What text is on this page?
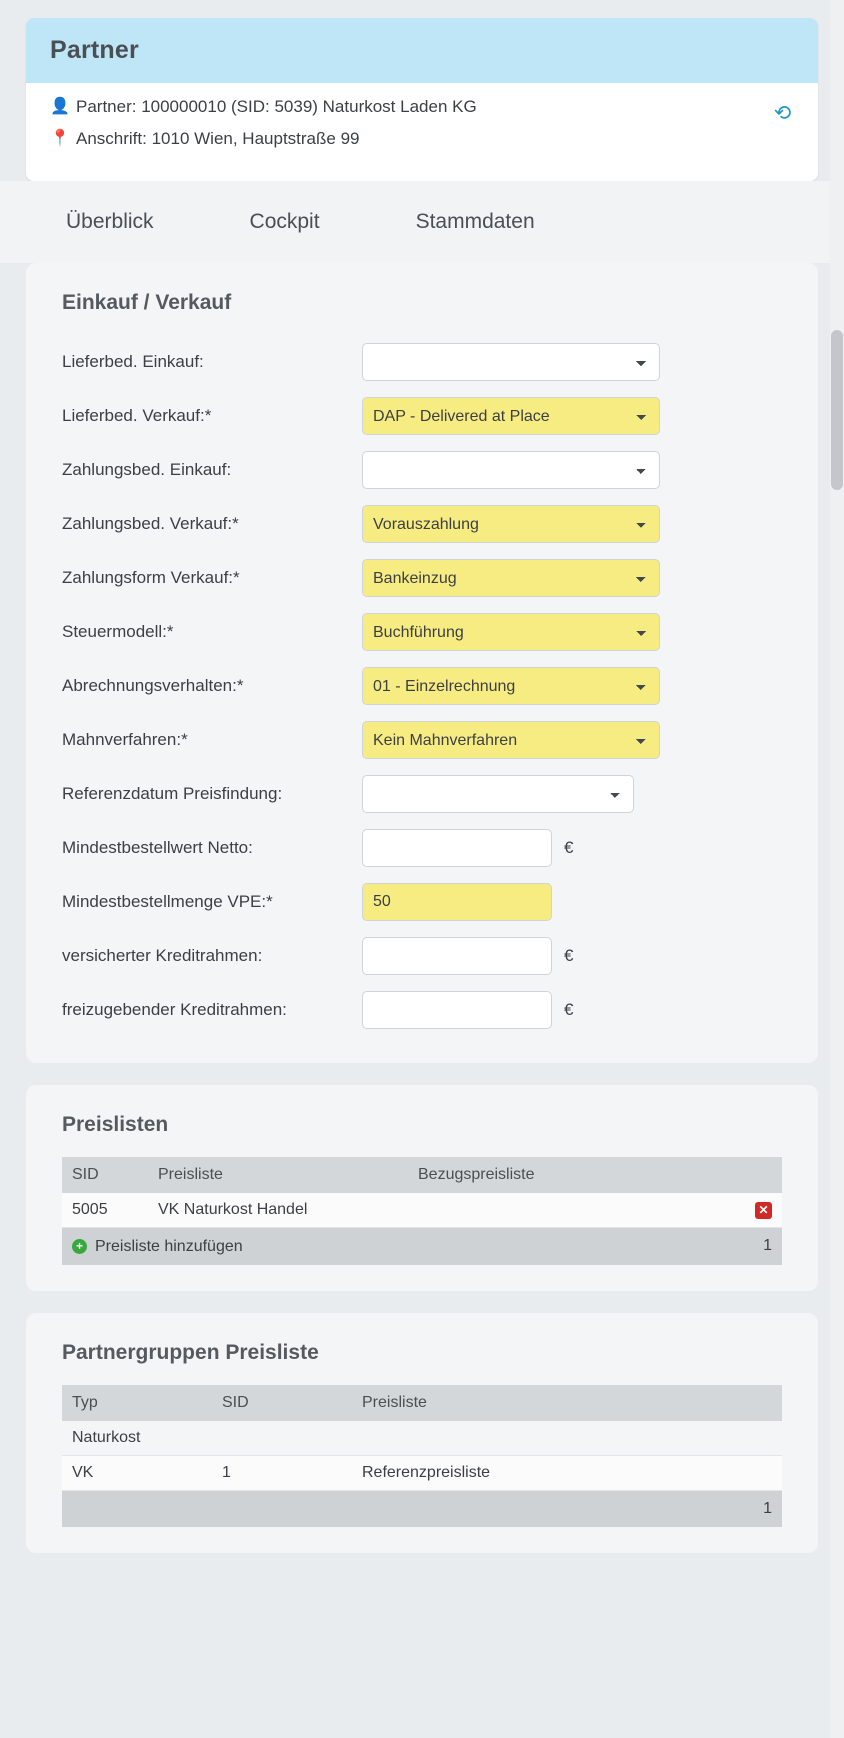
Partner
👤 Partner: 100000010 (SID: 5039) Naturkost Laden KG
📍 Anschrift: 1010 Wien, Hauptstraße 99
⟳
Überblick	Cockpit	Stammdaten
Einkauf / Verkauf
Lieferbed. Einkauf:
Lieferbed. Verkauf:*
DAP - Delivered at Place
Zahlungsbed. Einkauf:
Zahlungsbed. Verkauf:*
Vorauszahlung
Zahlungsform Verkauf:*
Bankeinzug
Steuermodell:*
Buchführung
Abrechnungsverhalten:*
01 - Einzelrechnung
Mahnverfahren:*
Kein Mahnverfahren
Referenzdatum Preisfindung:
Mindestbestellwert Netto:	€
Mindestbestellmenge VPE:*
50
versicherter Kreditrahmen:	€
freizugebender Kreditrahmen:	€
Preislisten
SID	Preisliste	Bezugspreisliste	
5005	VK Naturkost Handel		✕

+ Preisliste hinzufügen			1
Partnergruppen Preisliste
Typ	SID	Preisliste
Naturkost		
VK	1	Referenzpreisliste
		1
